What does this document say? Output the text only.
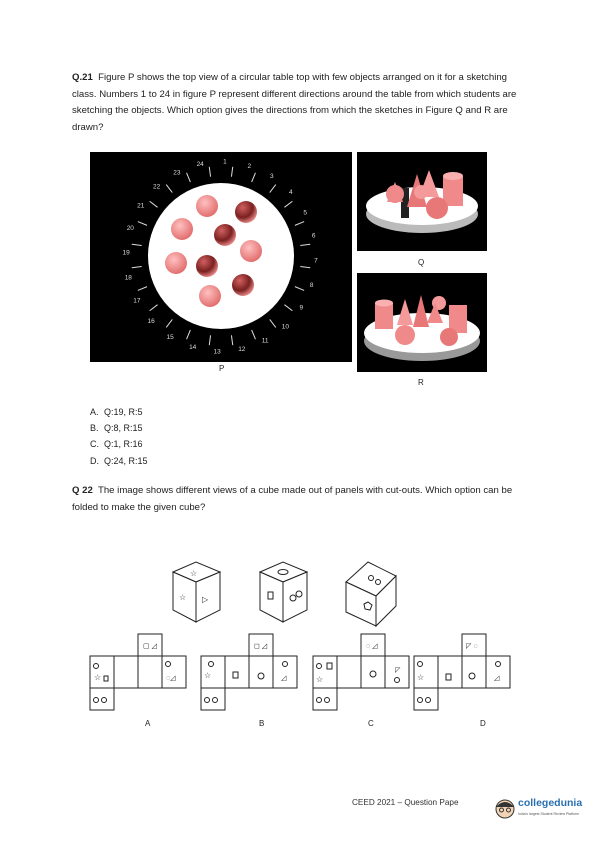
Q.21 Figure P shows the top view of a circular table top with few objects arranged on it for a sketching class. Numbers 1 to 24 in figure P represent different directions around the table from which students are sketching the objects. Which option gives the directions from which the sketches in Figure Q and R are drawn?
1
2
3
4
5
6
7
8
9
10
11
12
13
14
15
16
17
18
19
20
21
22
23
24
P
Q
R
A. Q:19, R:5
B. Q:8, R:15
C. Q:1, R:16
D. Q:24, R:15
Q 22 The image shows different views of a cube made out of panels with cut-outs. Which option can be folded to make the given cube?
☆
▷
☆
▢ ◿
☆	◌◿
A
◻ ◿
☆	◿
B
◌ ◿
☆
◸
C
◸ ◌
☆	◿
D
CEED 2021 – Question Pape	collegedunia
India's largest Student Review Platform
